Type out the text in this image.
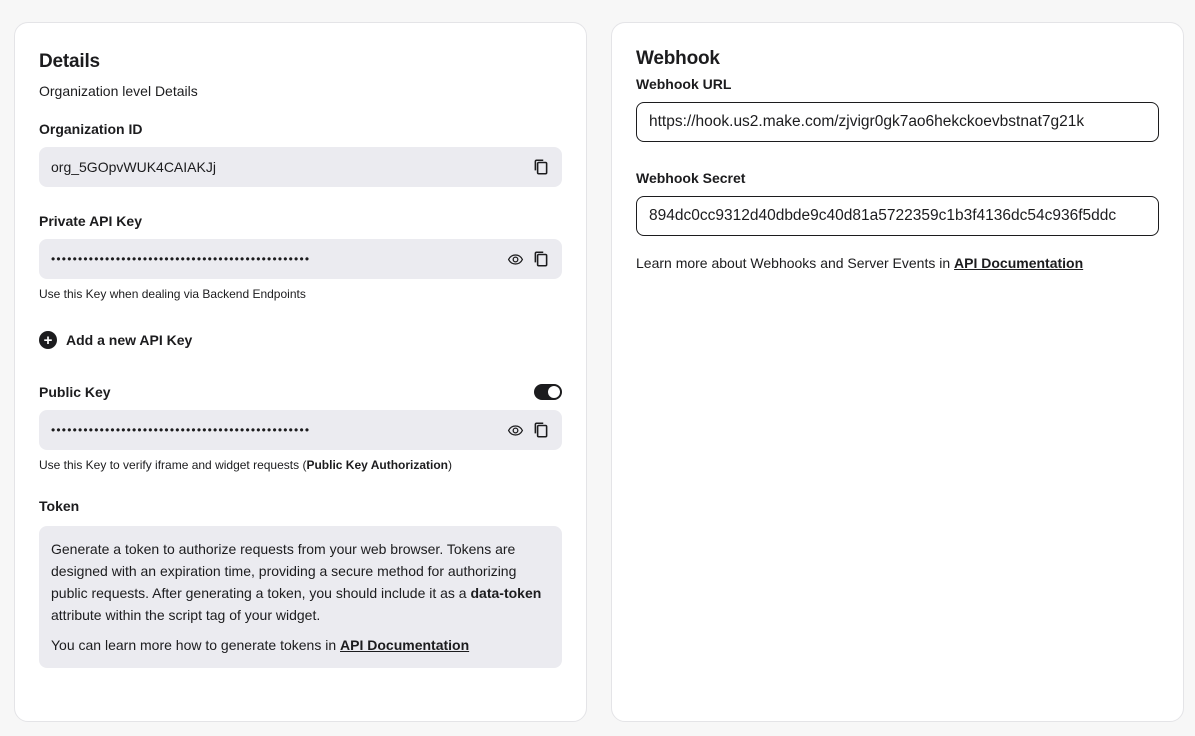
Details
Organization level Details
Organization ID
org_5GOpvWUK4CAIAKJj
Private API Key
••••••••••••••••••••••••••••••••••••••••••••••••
Use this Key when dealing via Backend Endpoints
+ Add a new API Key
Public Key
••••••••••••••••••••••••••••••••••••••••••••••••
Use this Key to verify iframe and widget requests (Public Key Authorization)
Token

Generate a token to authorize requests from your web browser. Tokens are designed with an expiration time, providing a secure method for authorizing public requests. After generating a token, you should include it as a data-token attribute within the script tag of your widget.

You can learn more how to generate tokens in API Documentation

Webhook
Webhook URL
https://hook.us2.make.com/zjvigr0gk7ao6hekckoevbstnat7g21k
Webhook Secret
894dc0cc9312d40dbde9c40d81a5722359c1b3f4136dc54c936f5ddc
Learn more about Webhooks and Server Events in API Documentation
